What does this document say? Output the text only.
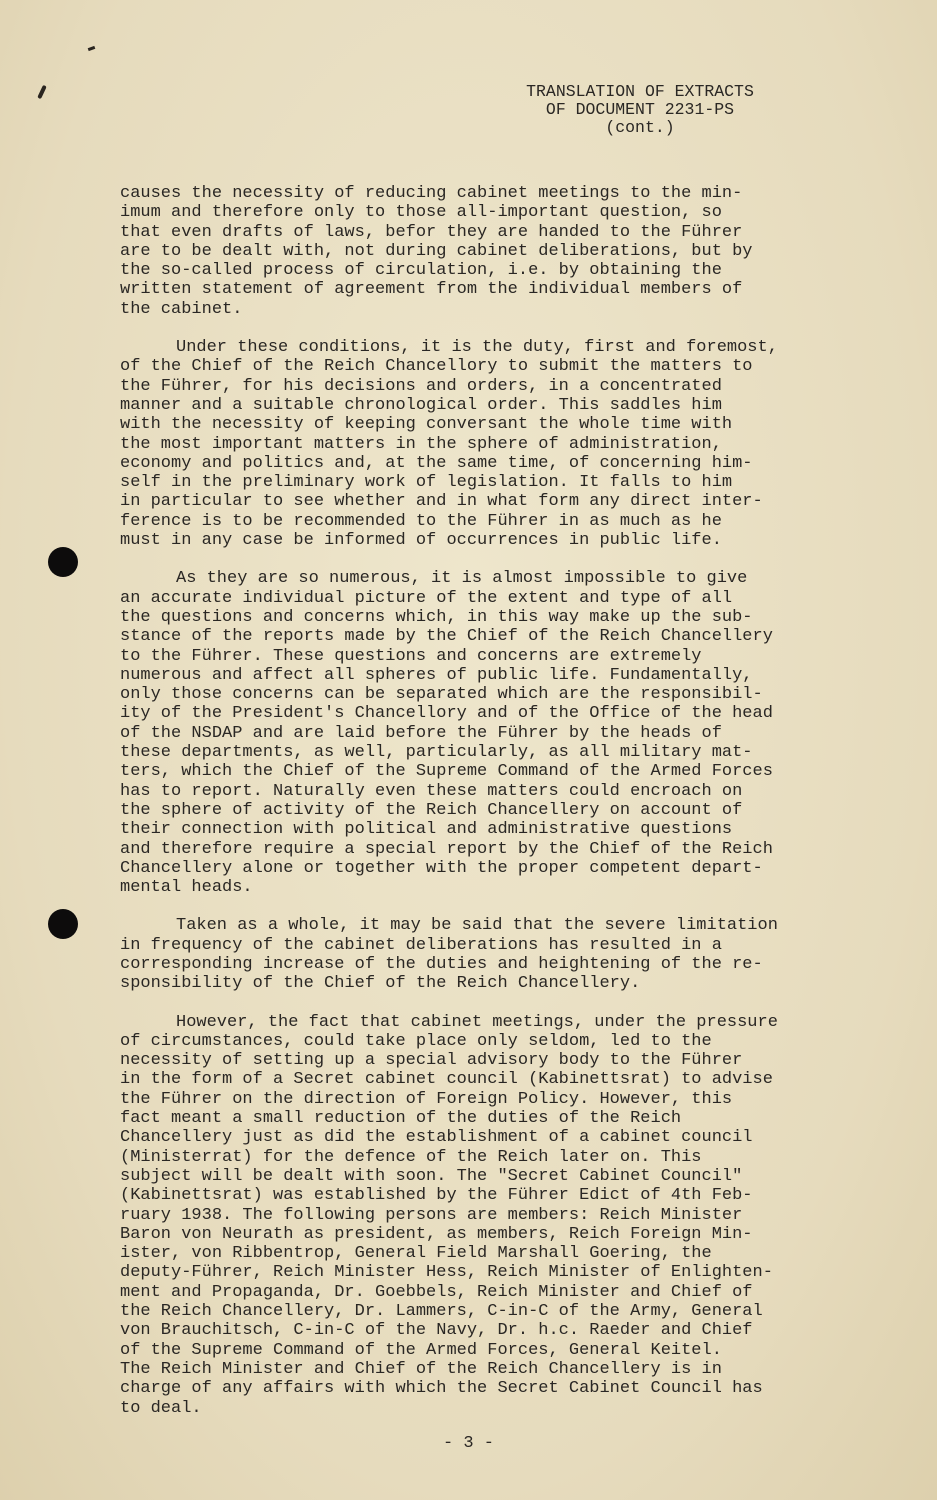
TRANSLATION OF EXTRACTS
OF DOCUMENT 2231-PS
(cont.)
causes the necessity of reducing cabinet meetings to the min-
imum and therefore only to those all-important question, so
that even drafts of laws, befor they are handed to the Führer
are to be dealt with, not during cabinet deliberations, but by
the so-called process of circulation, i.e. by obtaining the
written statement of agreement from the individual members of
the cabinet.
Under these conditions, it is the duty, first and foremost,
of the Chief of the Reich Chancellory to submit the matters to
the Führer, for his decisions and orders, in a concentrated
manner and a suitable chronological order. This saddles him
with the necessity of keeping conversant the whole time with
the most important matters in the sphere of administration,
economy and politics and, at the same time, of concerning him-
self in the preliminary work of legislation. It falls to him
in particular to see whether and in what form any direct inter-
ference is to be recommended to the Führer in as much as he
must in any case be informed of occurrences in public life.
As they are so numerous, it is almost impossible to give
an accurate individual picture of the extent and type of all
the questions and concerns which, in this way make up the sub-
stance of the reports made by the Chief of the Reich Chancellery
to the Führer. These questions and concerns are extremely
numerous and affect all spheres of public life. Fundamentally,
only those concerns can be separated which are the responsibil-
ity of the President's Chancellory and of the Office of the head
of the NSDAP and are laid before the Führer by the heads of
these departments, as well, particularly, as all military mat-
ters, which the Chief of the Supreme Command of the Armed Forces
has to report. Naturally even these matters could encroach on
the sphere of activity of the Reich Chancellery on account of
their connection with political and administrative questions
and therefore require a special report by the Chief of the Reich
Chancellery alone or together with the proper competent depart-
mental heads.
Taken as a whole, it may be said that the severe limitation
in frequency of the cabinet deliberations has resulted in a
corresponding increase of the duties and heightening of the re-
sponsibility of the Chief of the Reich Chancellery.
However, the fact that cabinet meetings, under the pressure
of circumstances, could take place only seldom, led to the
necessity of setting up a special advisory body to the Führer
in the form of a Secret cabinet council (Kabinettsrat) to advise
the Führer on the direction of Foreign Policy. However, this
fact meant a small reduction of the duties of the Reich
Chancellery just as did the establishment of a cabinet council
(Ministerrat) for the defence of the Reich later on. This
subject will be dealt with soon. The "Secret Cabinet Council"
(Kabinettsrat) was established by the Führer Edict of 4th Feb-
ruary 1938. The following persons are members: Reich Minister
Baron von Neurath as president, as members, Reich Foreign Min-
ister, von Ribbentrop, General Field Marshall Goering, the
deputy-Führer, Reich Minister Hess, Reich Minister of Enlighten-
ment and Propaganda, Dr. Goebbels, Reich Minister and Chief of
the Reich Chancellery, Dr. Lammers, C-in-C of the Army, General
von Brauchitsch, C-in-C of the Navy, Dr. h.c. Raeder and Chief
of the Supreme Command of the Armed Forces, General Keitel.
The Reich Minister and Chief of the Reich Chancellery is in
charge of any affairs with which the Secret Cabinet Council has
to deal.
- 3 -
